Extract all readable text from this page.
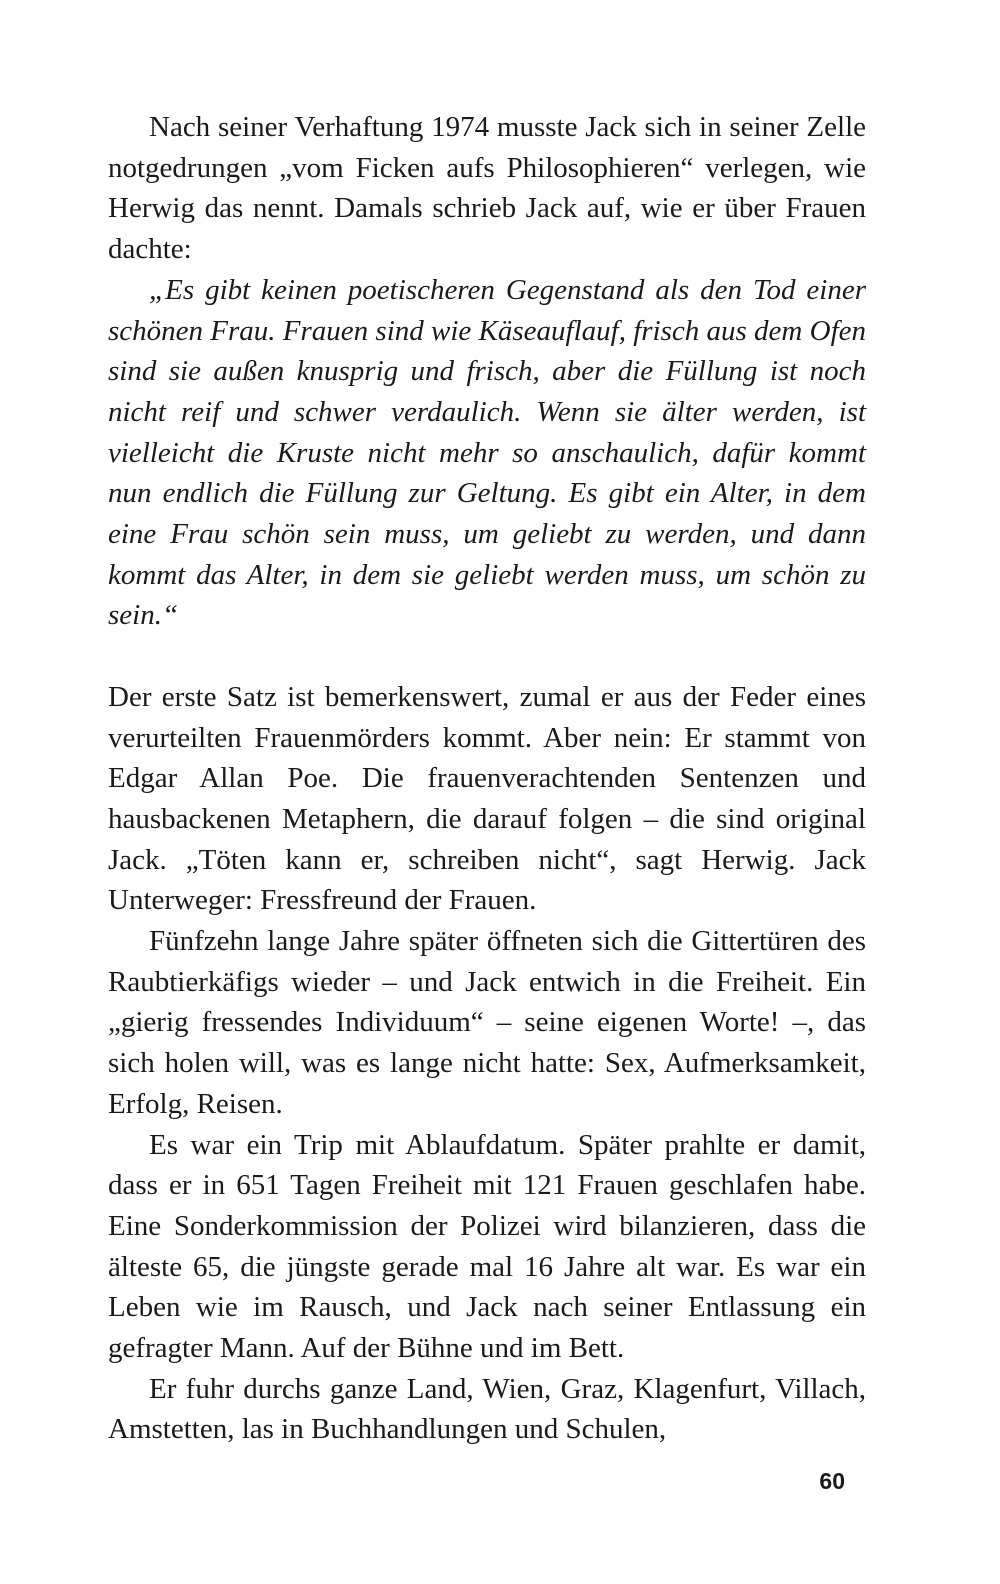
Nach seiner Verhaftung 1974 musste Jack sich in seiner Zelle notgedrungen „vom Ficken aufs Philosophieren“ verlegen, wie Herwig das nennt. Damals schrieb Jack auf, wie er über Frauen dachte:

„Es gibt keinen poetischeren Gegenstand als den Tod einer schönen Frau. Frauen sind wie Käseauflauf, frisch aus dem Ofen sind sie außen knusprig und frisch, aber die Füllung ist noch nicht reif und schwer verdaulich. Wenn sie älter werden, ist vielleicht die Kruste nicht mehr so anschaulich, dafür kommt nun endlich die Füllung zur Geltung. Es gibt ein Alter, in dem eine Frau schön sein muss, um geliebt zu werden, und dann kommt das Alter, in dem sie geliebt werden muss, um schön zu sein.“

Der erste Satz ist bemerkenswert, zumal er aus der Feder eines verurteilten Frauenmörders kommt. Aber nein: Er stammt von Edgar Allan Poe. Die frauenverachtenden Sentenzen und hausbackenen Metaphern, die darauf folgen – die sind original Jack. „Töten kann er, schreiben nicht“, sagt Herwig. Jack Unterweger: Fressfreund der Frauen.

Fünfzehn lange Jahre später öffneten sich die Gittertüren des Raubtierkäfigs wieder – und Jack entwich in die Freiheit. Ein „gierig fressendes Individuum“ – seine eigenen Worte! –, das sich holen will, was es lange nicht hatte: Sex, Aufmerksamkeit, Erfolg, Reisen.

Es war ein Trip mit Ablaufdatum. Später prahlte er damit, dass er in 651 Tagen Freiheit mit 121 Frauen geschlafen habe. Eine Sonderkommission der Polizei wird bilanzieren, dass die älteste 65, die jüngste gerade mal 16 Jahre alt war. Es war ein Leben wie im Rausch, und Jack nach seiner Entlassung ein gefragter Mann. Auf der Bühne und im Bett.

Er fuhr durchs ganze Land, Wien, Graz, Klagenfurt, Villach, Amstetten, las in Buchhandlungen und Schulen,

60
